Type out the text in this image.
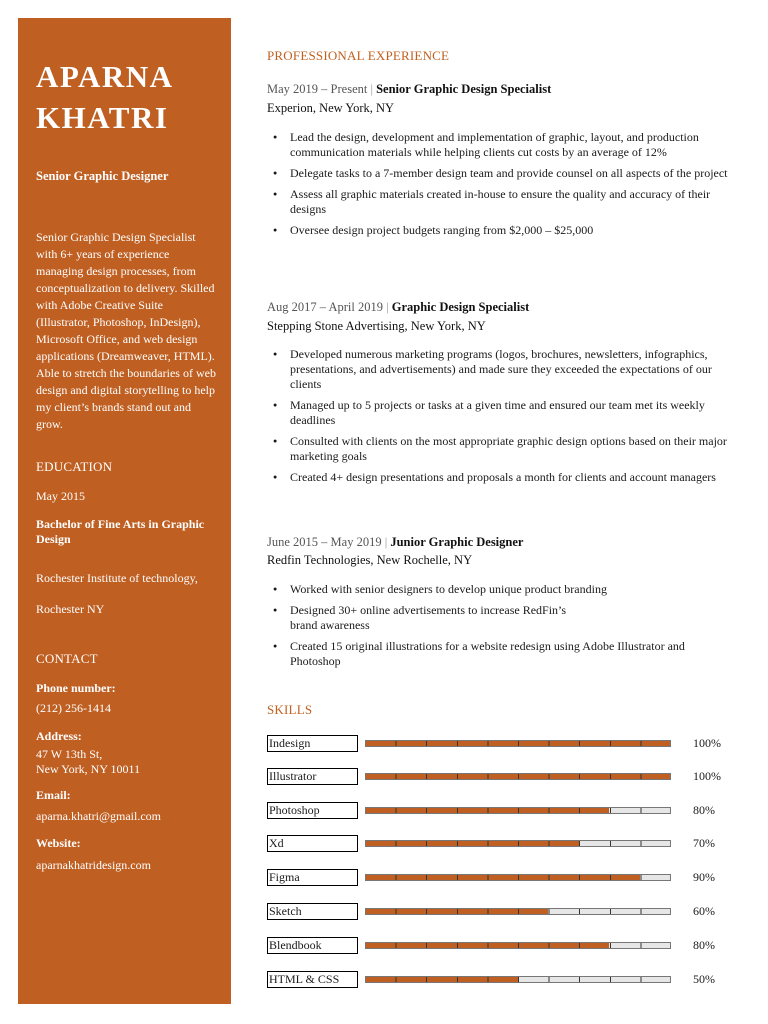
APARNA
KHATRI
Senior Graphic Designer
Senior Graphic Design Specialist with 6+ years of experience managing design processes, from conceptualization to delivery. Skilled with Adobe Creative Suite (Illustrator, Photoshop, InDesign), Microsoft Office, and web design applications (Dreamweaver, HTML). Able to stretch the boundaries of web design and digital storytelling to help my client’s brands stand out and grow.
EDUCATION
May 2015
Bachelor of Fine Arts in Graphic Design
Rochester Institute of technology,
Rochester NY
CONTACT
Phone number:
(212) 256-1414
Address:
47 W 13th St,
New York, NY 10011
Email:
aparna.khatri@gmail.com
Website:
aparnakhatridesign.com
PROFESSIONAL EXPERIENCE
May 2019 – Present | Senior Graphic Design Specialist
Experion, New York, NY
● Lead the design, development and implementation of graphic, layout, and production communication materials while helping clients cut costs by an average of 12%
● Delegate tasks to a 7-member design team and provide counsel on all aspects of the project
● Assess all graphic materials created in-house to ensure the quality and accuracy of their designs
● Oversee design project budgets ranging from $2,000 – $25,000
Aug 2017 – April 2019 | Graphic Design Specialist
Stepping Stone Advertising, New York, NY
● Developed numerous marketing programs (logos, brochures, newsletters, infographics, presentations, and advertisements) and made sure they exceeded the expectations of our clients
● Managed up to 5 projects or tasks at a given time and ensured our team met its weekly deadlines
● Consulted with clients on the most appropriate graphic design options based on their major marketing goals
● Created 4+ design presentations and proposals a month for clients and account managers
June 2015 – May 2019 | Junior Graphic Designer
Redfin Technologies, New Rochelle, NY
● Worked with senior designers to develop unique product branding
● Designed 30+ online advertisements to increase RedFin’s brand awareness
● Created 15 original illustrations for a website redesign using Adobe Illustrator and Photoshop
SKILLS
Indesign	100%
Illustrator	100%
Photoshop	80%
Xd	70%
Figma	90%
Sketch	60%
Blendbook	80%
HTML & CSS	50%
